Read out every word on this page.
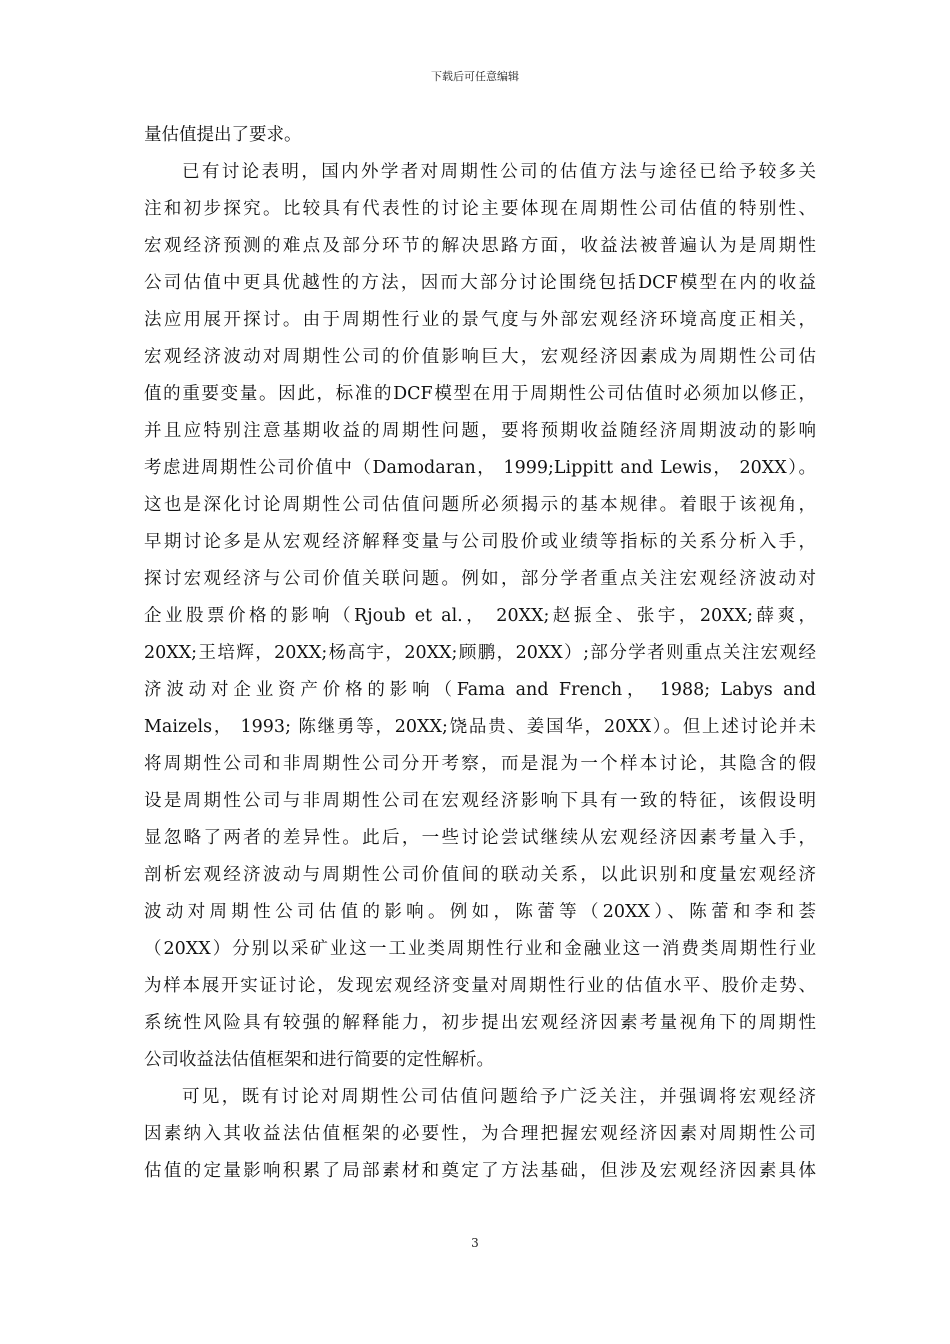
下载后可任意编辑
量估值提出了要求。
已有讨论表明，国内外学者对周期性公司的估值方法与途径已给予较多关
注和初步探究。比较具有代表性的讨论主要体现在周期性公司估值的特别性、
宏观经济预测的难点及部分环节的解决思路方面，收益法被普遍认为是周期性
公司估值中更具优越性的方法，因而大部分讨论围绕包括DCF模型在内的收益
法应用展开探讨。由于周期性行业的景气度与外部宏观经济环境高度正相关，
宏观经济波动对周期性公司的价值影响巨大，宏观经济因素成为周期性公司估
值的重要变量。因此，标准的DCF模型在用于周期性公司估值时必须加以修正，
并且应特别注意基期收益的周期性问题，要将预期收益随经济周期波动的影响
考虑进周期性公司价值中（Damodaran， 1999;Lippitt and Lewis， 20XX）。
这也是深化讨论周期性公司估值问题所必须揭示的基本规律。着眼于该视角，
早期讨论多是从宏观经济解释变量与公司股价或业绩等指标的关系分析入手，
探讨宏观经济与公司价值关联问题。例如，部分学者重点关注宏观经济波动对
企业股票价格的影响（Rjoub et al.， 20XX;赵振全、张宇，20XX;薛爽，
20XX;王培辉，20XX;杨高宇，20XX;顾鹏，20XX）;部分学者则重点关注宏观经
济波动对企业资产价格的影响（Fama and French， 1988; Labys and
Maizels， 1993; 陈继勇等，20XX;饶品贵、姜国华，20XX）。但上述讨论并未
将周期性公司和非周期性公司分开考察，而是混为一个样本讨论，其隐含的假
设是周期性公司与非周期性公司在宏观经济影响下具有一致的特征，该假设明
显忽略了两者的差异性。此后，一些讨论尝试继续从宏观经济因素考量入手，
剖析宏观经济波动与周期性公司价值间的联动关系，以此识别和度量宏观经济
波动对周期性公司估值的影响。例如，陈蕾等（20XX）、陈蕾和李和荟
（20XX）分别以采矿业这一工业类周期性行业和金融业这一消费类周期性行业
为样本展开实证讨论，发现宏观经济变量对周期性行业的估值水平、股价走势、
系统性风险具有较强的解释能力，初步提出宏观经济因素考量视角下的周期性
公司收益法估值框架和进行简要的定性解析。
可见，既有讨论对周期性公司估值问题给予广泛关注，并强调将宏观经济
因素纳入其收益法估值框架的必要性，为合理把握宏观经济因素对周期性公司
估值的定量影响积累了局部素材和奠定了方法基础，但涉及宏观经济因素具体
3
